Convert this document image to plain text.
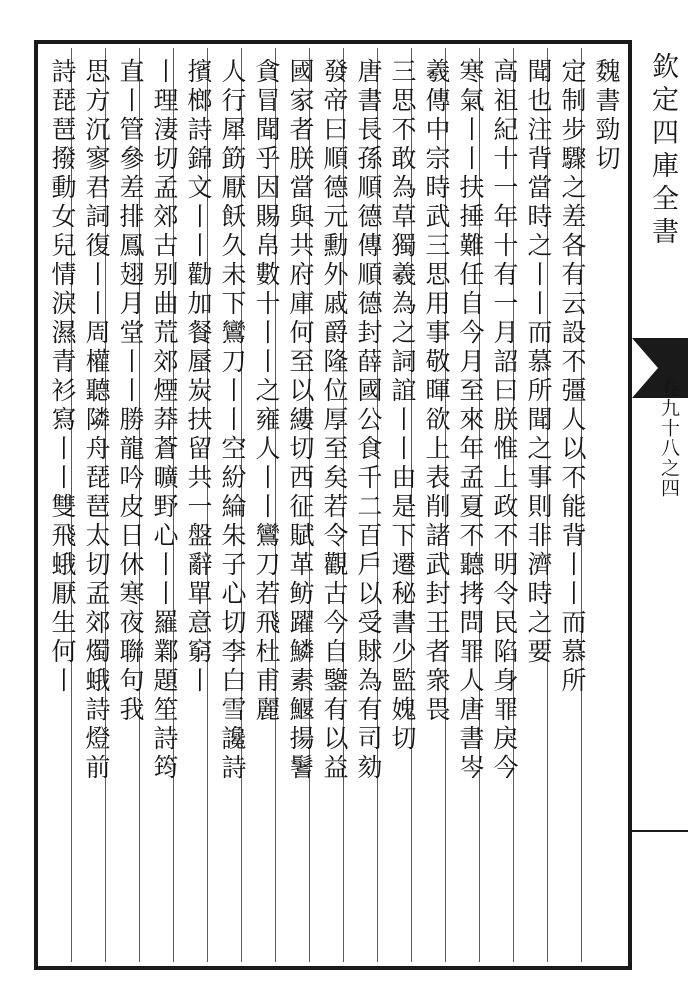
魏書勁切
定制步驟之差各有云設不彊人以不能背丨丨而慕所
聞也注背當時之丨丨而慕所聞之事則非濟時之要
高祖紀十一年十有一月詔曰朕惟上政不明令民陷身罪戾今
寒氣丨丨扶捶難任自今月至來年孟夏不聽拷問罪人唐書岑
羲傳中宗時武三思用事敬暉欲上表削諸武封王者衆畏
三思不敢為草獨羲為之詞誼丨丨由是下遷秘書少監媿切
唐書長孫順德傳順德封薛國公食千二百戶以受賕為有司劾
發帝曰順德元勳外戚爵隆位厚至矣若令觀古今自鑒有以益
國家者朕當與共府庫何至以縷切西征賦革鲂躍鱗素鰋揚鬐
貪冒聞乎因賜帛數十丨丨之雍人丨丨鸞刀若飛杜甫麗
人行犀筯厭飫久未下鸞刀丨丨空紛綸朱子心切李白雪讒詩
擯榔詩錦文丨丨勸加餐蜃炭扶留共一盤辭單意窮丨
丨理淒切孟郊古别曲荒郊煙莽蒼曠野心丨丨羅鄴題笙詩筠
直丨管參差排鳳翅月堂丨丨勝龍吟皮日休寒夜聯句我
思方沉寥君詞復丨丨周權聽隣舟琵琶太切孟郊燭蛾詩燈前
詩琵琶撥動女兒情淚濕青衫寫丨丨雙飛蛾厭生何丨	欽定四庫全書
卷九十八之四
